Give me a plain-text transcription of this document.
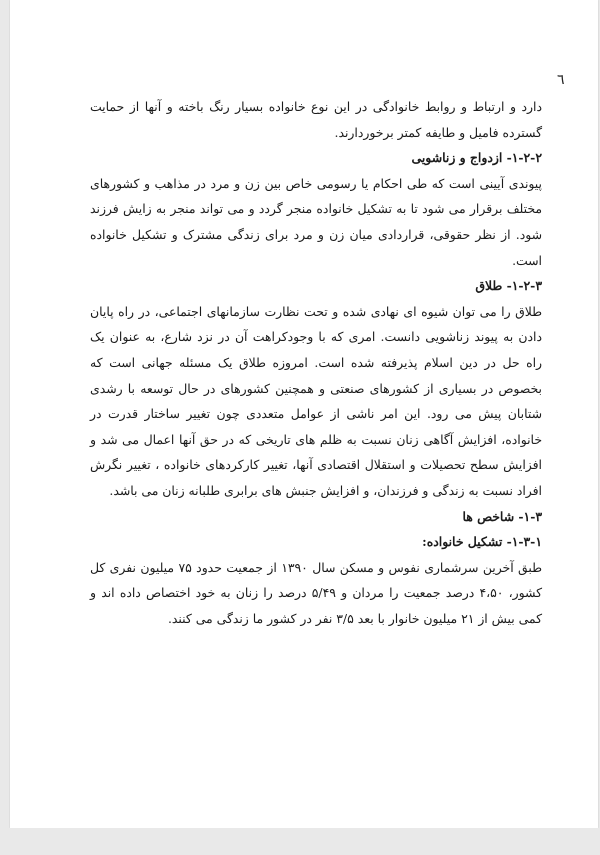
٦

دارد و ارتباط و روابط خانوادگی در این نوع خانواده بسیار رنگ باخته و آنها از حمایت گسترده فامیل و طایفه کمتر برخوردارند.

۱-۲-۲- ازدواج و زناشویی

پیوندی آیینی است که طی احکام یا رسومی خاص بین زن و مرد در مذاهب و کشورهای مختلف برقرار می شود تا به تشکیل خانواده منجر گردد و می تواند منجر به زایش فرزند شود. از نظر حقوقی، قراردادی میان زن و مرد برای زندگی مشترک و تشکیل خانواده است.

۱-۲-۳- طلاق

طلاق را می توان شیوه ای نهادی شده و تحت نظارت سازمانهای اجتماعی، در راه پایان دادن به پیوند زناشویی دانست. امری که با وجودکراهت آن در نزد شارع، به عنوان یک راه حل در دین اسلام پذیرفته شده است. امروزه طلاق یک مسئله جهانی است که بخصوص در بسیاری از کشورهای صنعتی و همچنین کشورهای در حال توسعه با رشدی شتابان پیش می رود. این امر ناشی از عوامل متعددی چون تغییر ساختار قدرت در خانواده، افزایش آگاهی زنان نسبت به ظلم های تاریخی که در حق آنها اعمال می شد و افزایش سطح تحصیلات و استقلال اقتصادی آنها، تغییر کارکردهای خانواده ، تغییر نگرش افراد نسبت به زندگی و فرزندان، و افزایش جنبش های برابری طلبانه زنان می باشد.

۱-۳- شاخص ها

۱-۳-۱- تشکیل خانواده:

طبق آخرین سرشماری نفوس و مسکن سال ۱۳۹۰ از جمعیت حدود ۷۵ میلیون نفری کل کشور، ۴،۵۰ درصد جمعیت را مردان و ۵/۴۹ درصد را زنان به خود اختصاص داده اند و کمی بیش از ۲۱ میلیون خانوار با بعد ۳/۵ نفر در کشور ما زندگی می کنند.
